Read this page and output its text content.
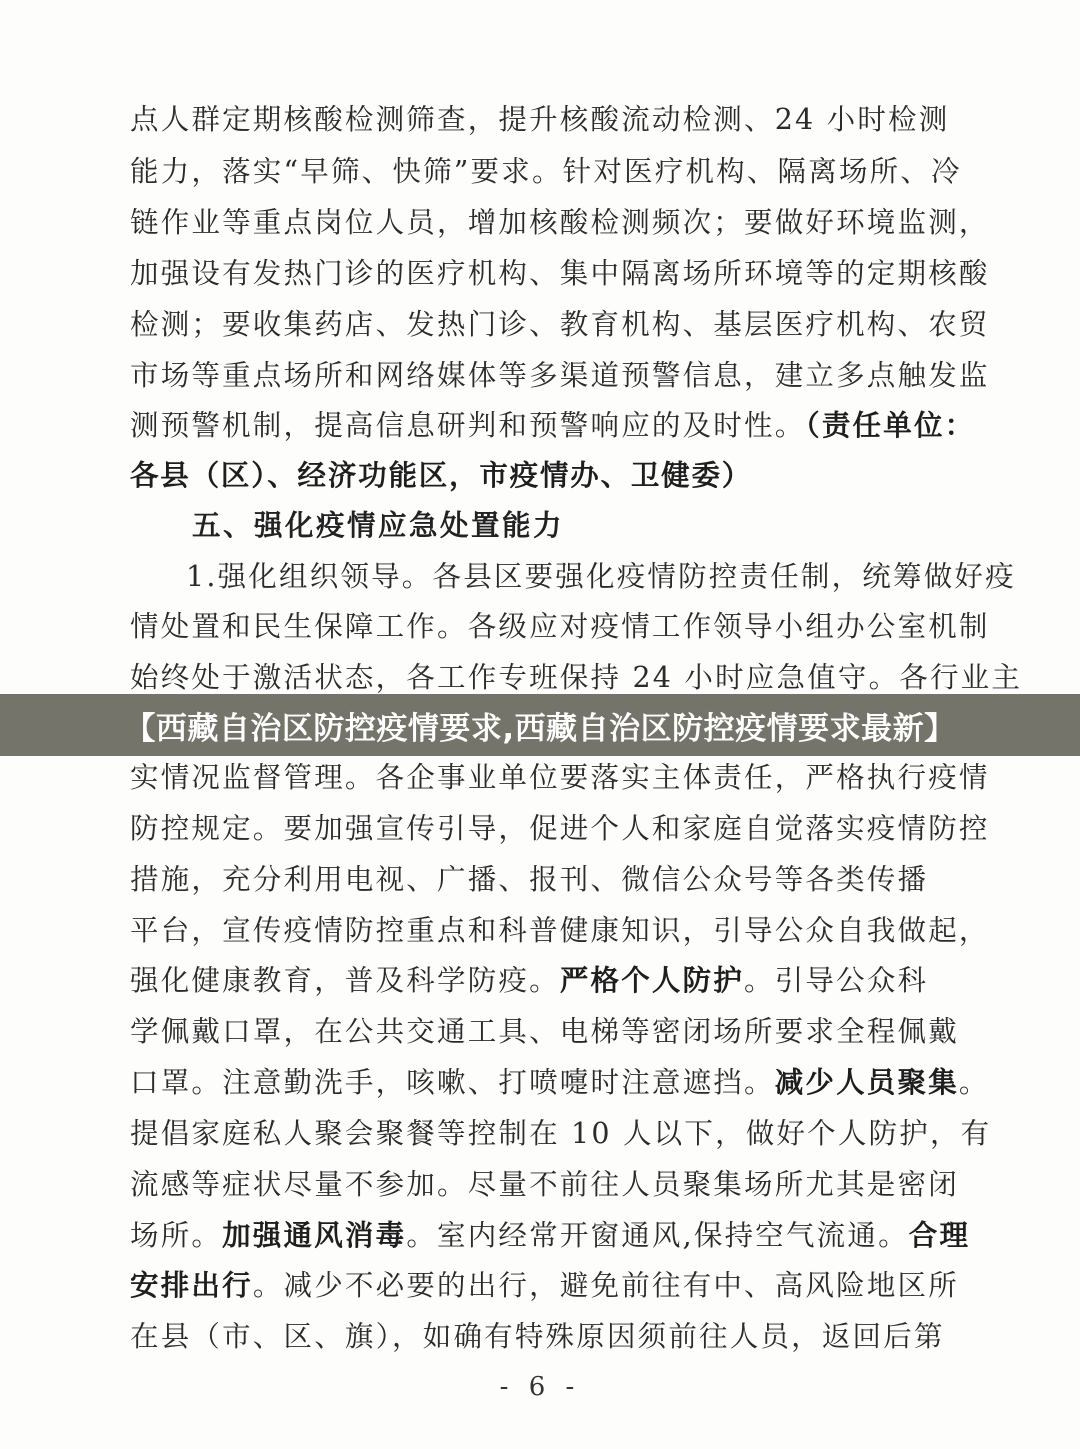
点人群定期核酸检测筛查，提升核酸流动检测、24 小时检测
能力，落实“早筛、快筛”要求。针对医疗机构、隔离场所、冷
链作业等重点岗位人员，增加核酸检测频次；要做好环境监测，
加强设有发热门诊的医疗机构、集中隔离场所环境等的定期核酸
检测；要收集药店、发热门诊、教育机构、基层医疗机构、农贸
市场等重点场所和网络媒体等多渠道预警信息，建立多点触发监
测预警机制，提高信息研判和预警响应的及时性。（责任单位：
各县（区）、经济功能区，市疫情办、卫健委）
五、强化疫情应急处置能力
1.强化组织领导。各县区要强化疫情防控责任制，统筹做好疫
情处置和民生保障工作。各级应对疫情工作领导小组办公室机制
始终处于激活状态，各工作专班保持 24 小时应急值守。各行业主
实情况监督管理。各企事业单位要落实主体责任，严格执行疫情
防控规定。要加强宣传引导，促进个人和家庭自觉落实疫情防控
措施，充分利用电视、广播、报刊、微信公众号等各类传播
平台，宣传疫情防控重点和科普健康知识，引导公众自我做起，
强化健康教育，普及科学防疫。严格个人防护。引导公众科
学佩戴口罩，在公共交通工具、电梯等密闭场所要求全程佩戴
口罩。注意勤洗手，咳嗽、打喷嚏时注意遮挡。减少人员聚集。
提倡家庭私人聚会聚餐等控制在 10 人以下，做好个人防护，有
流感等症状尽量不参加。尽量不前往人员聚集场所尤其是密闭
场所。加强通风消毒。室内经常开窗通风,保持空气流通。合理
安排出行。减少不必要的出行，避免前往有中、高风险地区所
在县（市、区、旗），如确有特殊原因须前往人员，返回后第
- 6 -
【西藏自治区防控疫情要求,西藏自治区防控疫情要求最新】
